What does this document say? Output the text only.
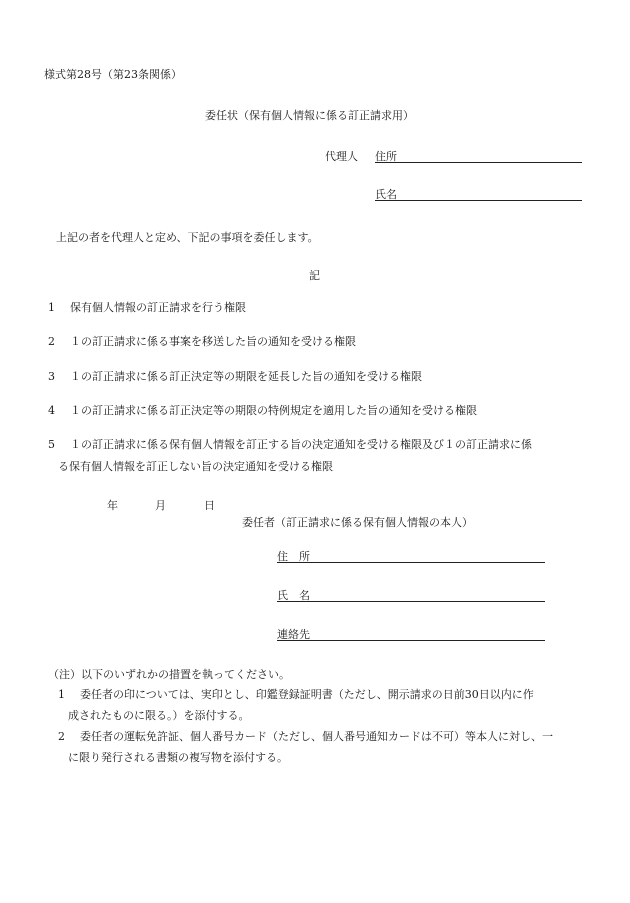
様式第28号（第23条関係）
委任状（保有個人情報に係る訂正請求用）
代理人 住所
氏名
上記の者を代理人と定め、下記の事項を委任します。
記
1 保有個人情報の訂正請求を行う権限
2 １の訂正請求に係る事案を移送した旨の通知を受ける権限
3 １の訂正請求に係る訂正決定等の期限を延長した旨の通知を受ける権限
4 １の訂正請求に係る訂正決定等の期限の特例規定を適用した旨の通知を受ける権限
5 １の訂正請求に係る保有個人情報を訂正する旨の決定通知を受ける権限及び１の訂正請求に係
る保有個人情報を訂正しない旨の決定通知を受ける権限
年	月	日
委任者（訂正請求に係る保有個人情報の本人）
住　所
氏　名
連絡先
（注）以下のいずれかの措置を執ってください。
1 委任者の印については、実印とし、印鑑登録証明書（ただし、開示請求の日前30日以内に作
成されたものに限る。）を添付する。
2 委任者の運転免許証、個人番号カード（ただし、個人番号通知カードは不可）等本人に対し、一
に限り発行される書類の複写物を添付する。
